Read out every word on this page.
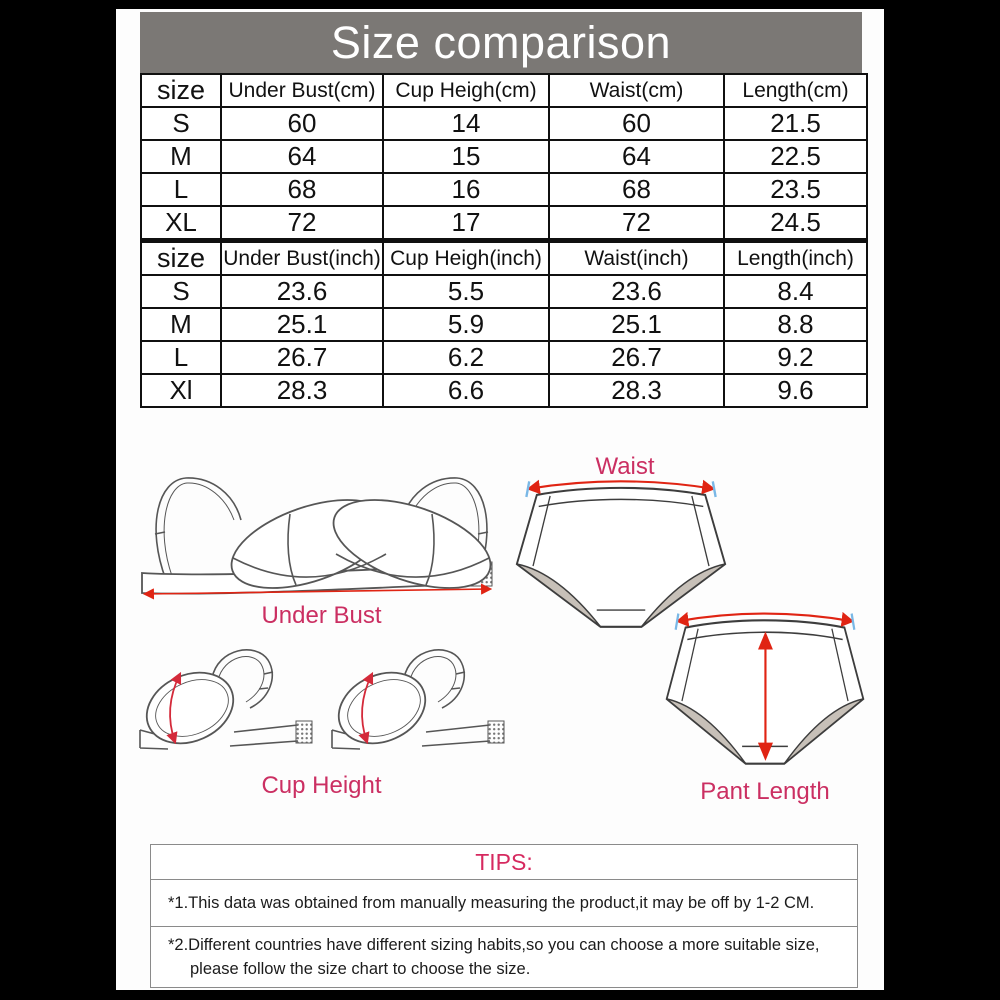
Size comparison
size	Under Bust(cm)	Cup Heigh(cm)	Waist(cm)	Length(cm)
S	60	14	60	21.5
M	64	15	64	22.5
L	68	16	68	23.5
XL	72	17	72	24.5
size	Under Bust(inch)	Cup Heigh(inch)	Waist(inch)	Length(inch)
S	23.6	5.5	23.6	8.4
M	25.1	5.9	25.1	8.8
L	26.7	6.2	26.7	9.2
Xl	28.3	6.6	28.3	9.6
Under Bust
Waist
Cup Height	Pant Length
TIPS:
*1.This data was obtained from manually measuring the product,it may be off by 1-2 CM.
*2.Different countries have different sizing habits,so you can choose a more suitable size, please follow the size chart to choose the size.
